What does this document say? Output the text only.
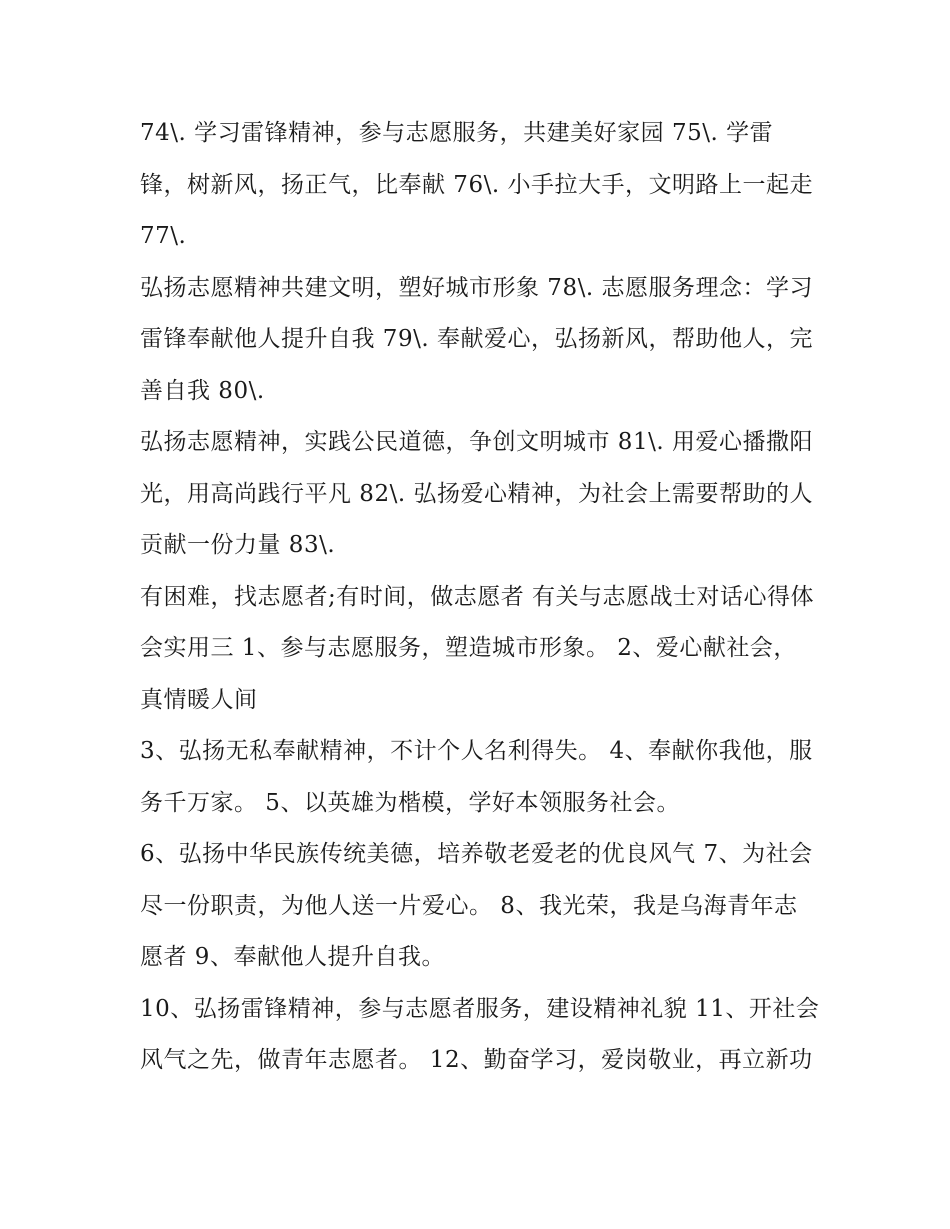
74\. 学习雷锋精神，参与志愿服务，共建美好家园 75\. 学雷锋，树新风，扬正气，比奉献 76\. 小手拉大手，文明路上一起走 77\.

弘扬志愿精神共建文明，塑好城市形象 78\. 志愿服务理念：学习雷锋奉献他人提升自我 79\. 奉献爱心，弘扬新风，帮助他人，完善自我 80\.

弘扬志愿精神，实践公民道德，争创文明城市 81\. 用爱心播撒阳光，用高尚践行平凡 82\. 弘扬爱心精神，为社会上需要帮助的人贡献一份力量 83\.

有困难，找志愿者;有时间，做志愿者 有关与志愿战士对话心得体会实用三 1、参与志愿服务，塑造城市形象。 2、爱心献社会，真情暖人间

3、弘扬无私奉献精神，不计个人名利得失。 4、奉献你我他，服务千万家。 5、以英雄为楷模，学好本领服务社会。

6、弘扬中华民族传统美德，培养敬老爱老的优良风气 7、为社会尽一份职责，为他人送一片爱心。 8、我光荣，我是乌海青年志愿者 9、奉献他人提升自我。

10、弘扬雷锋精神，参与志愿者服务，建设精神礼貌 11、开社会风气之先，做青年志愿者。 12、勤奋学习，爱岗敬业，再立新功
